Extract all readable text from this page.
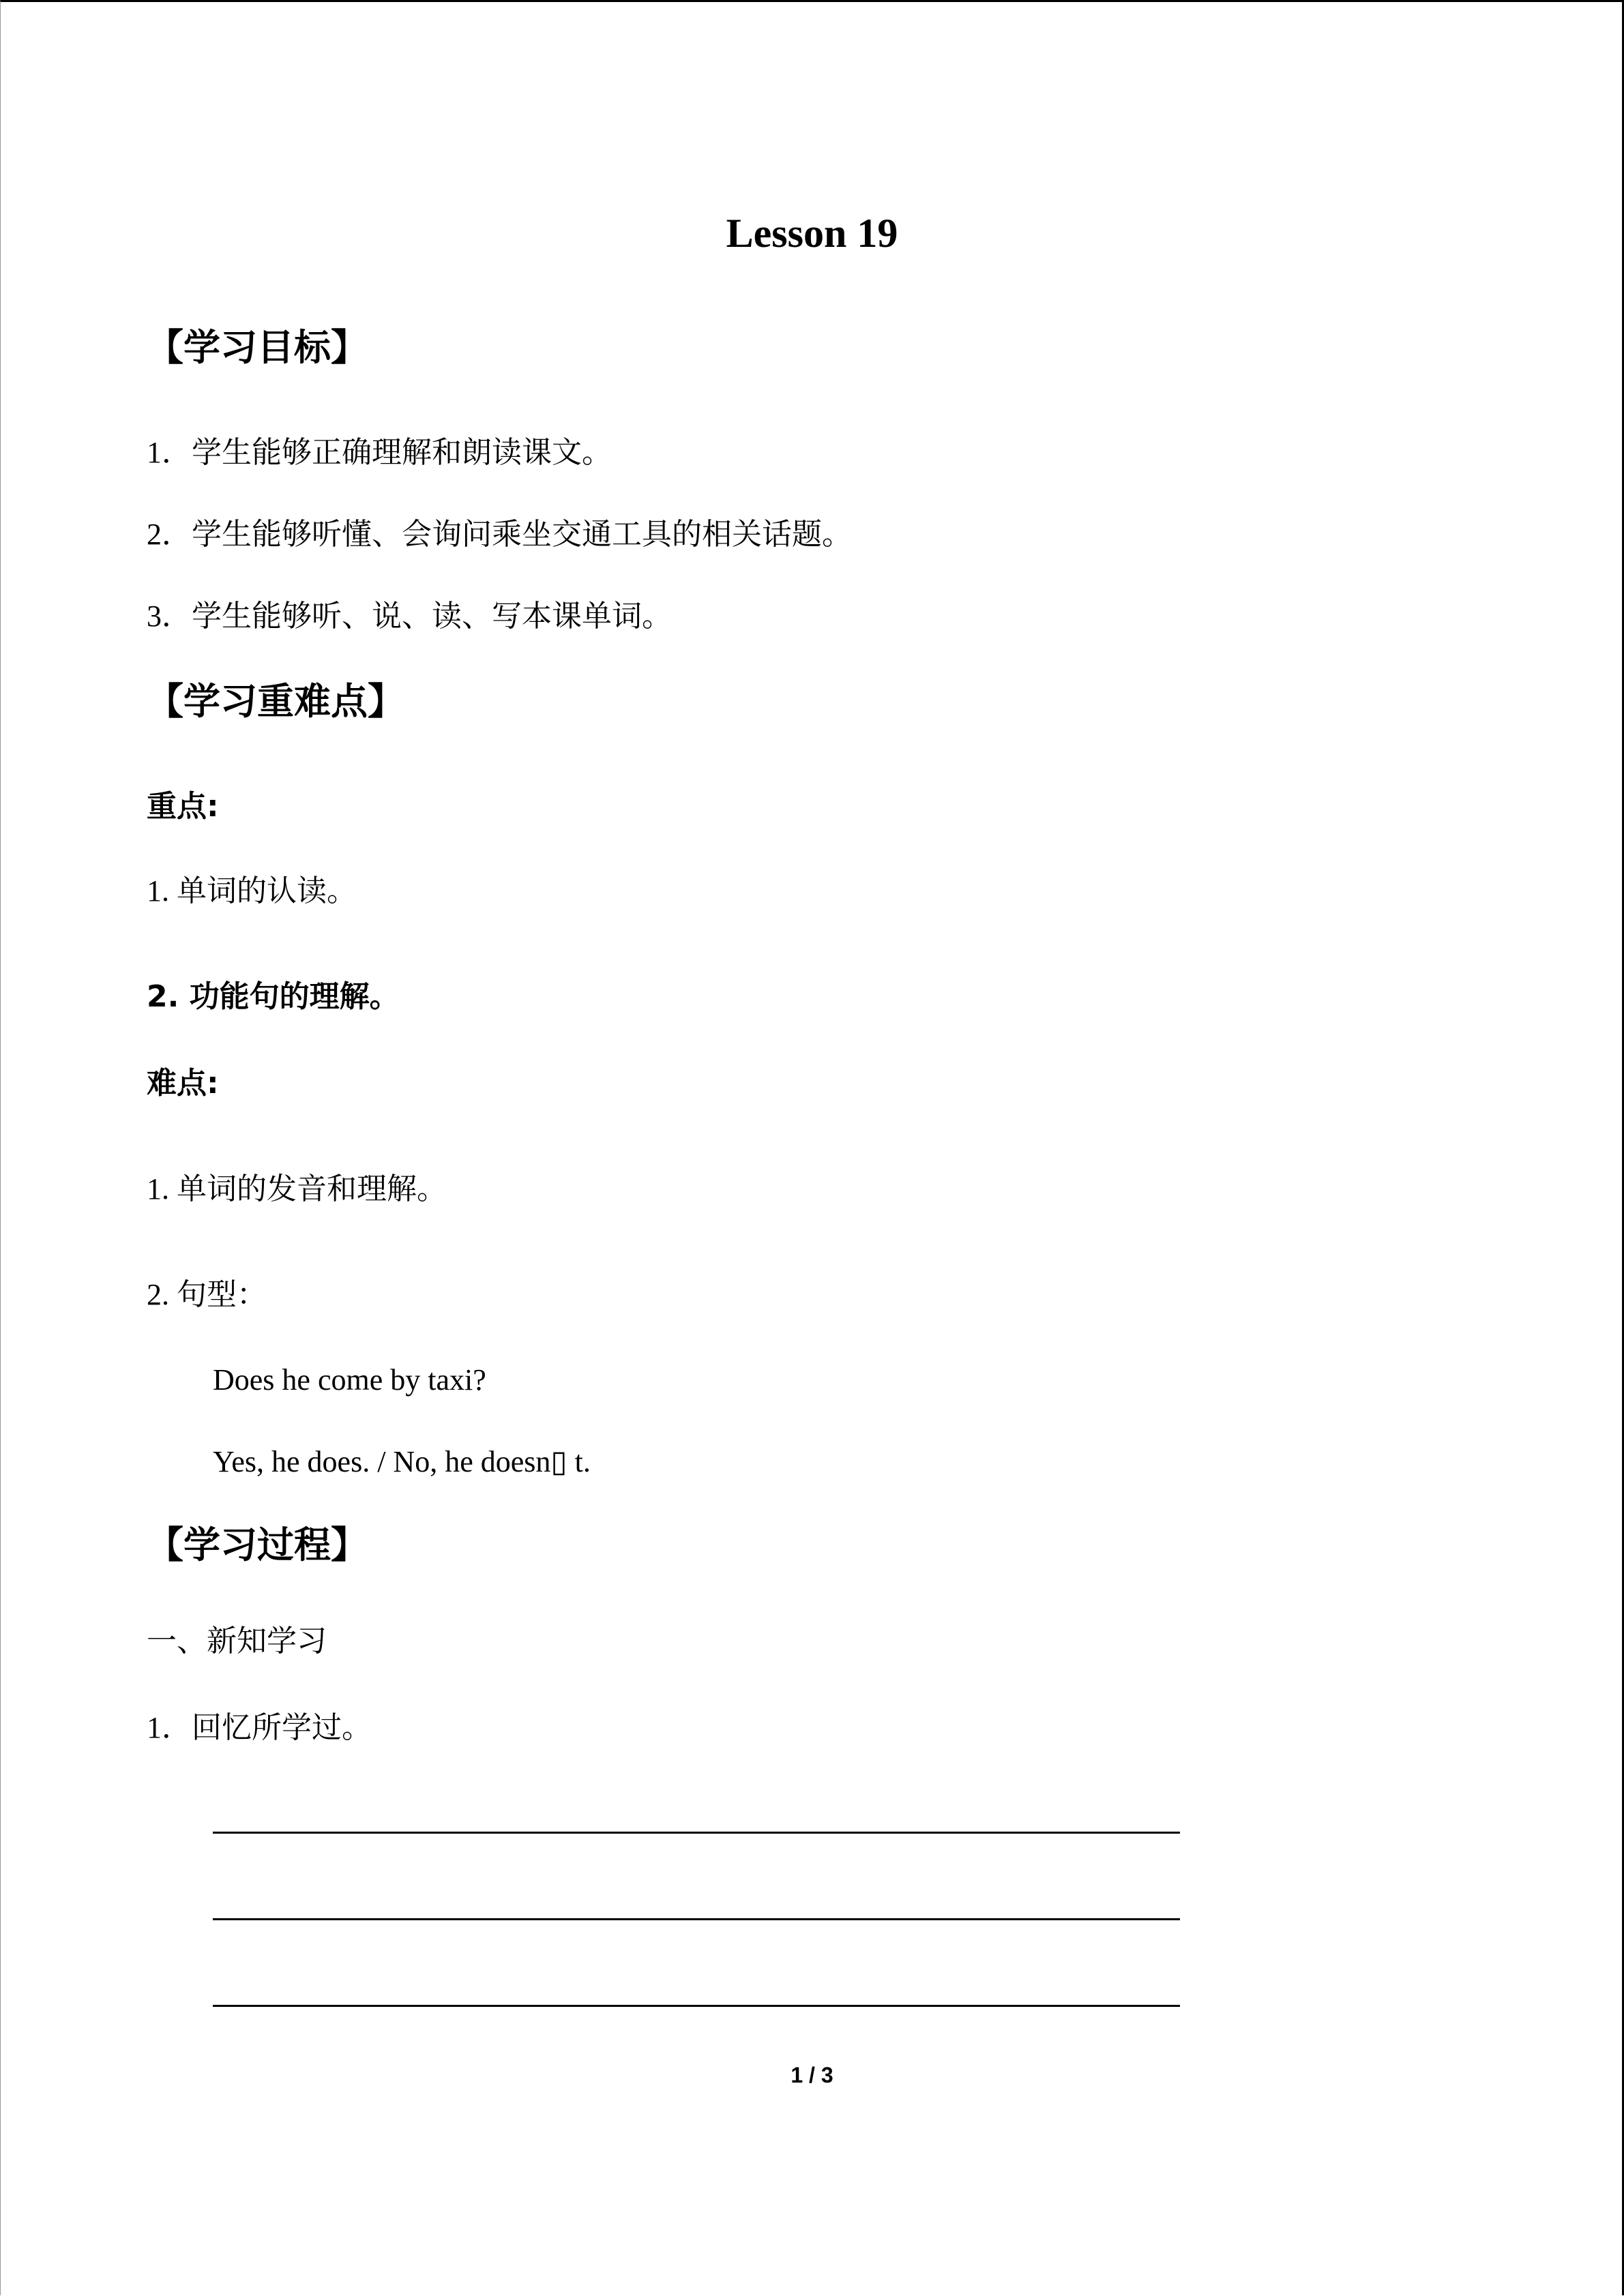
Lesson 19
【学习目标】
1．学生能够正确理解和朗读课文。
2．学生能够听懂、会询问乘坐交通工具的相关话题。
3．学生能够听、说、读、写本课单词。
【学习重难点】
重点:
1. 单词的认读。
2. 功能句的理解。
难点:
1. 单词的发音和理解。
2. 句型：
Does he come by taxi?
Yes, he does. / No, he doesn▯ t.
【学习过程】
一、新知学习
1．回忆所学过。
1 / 3
